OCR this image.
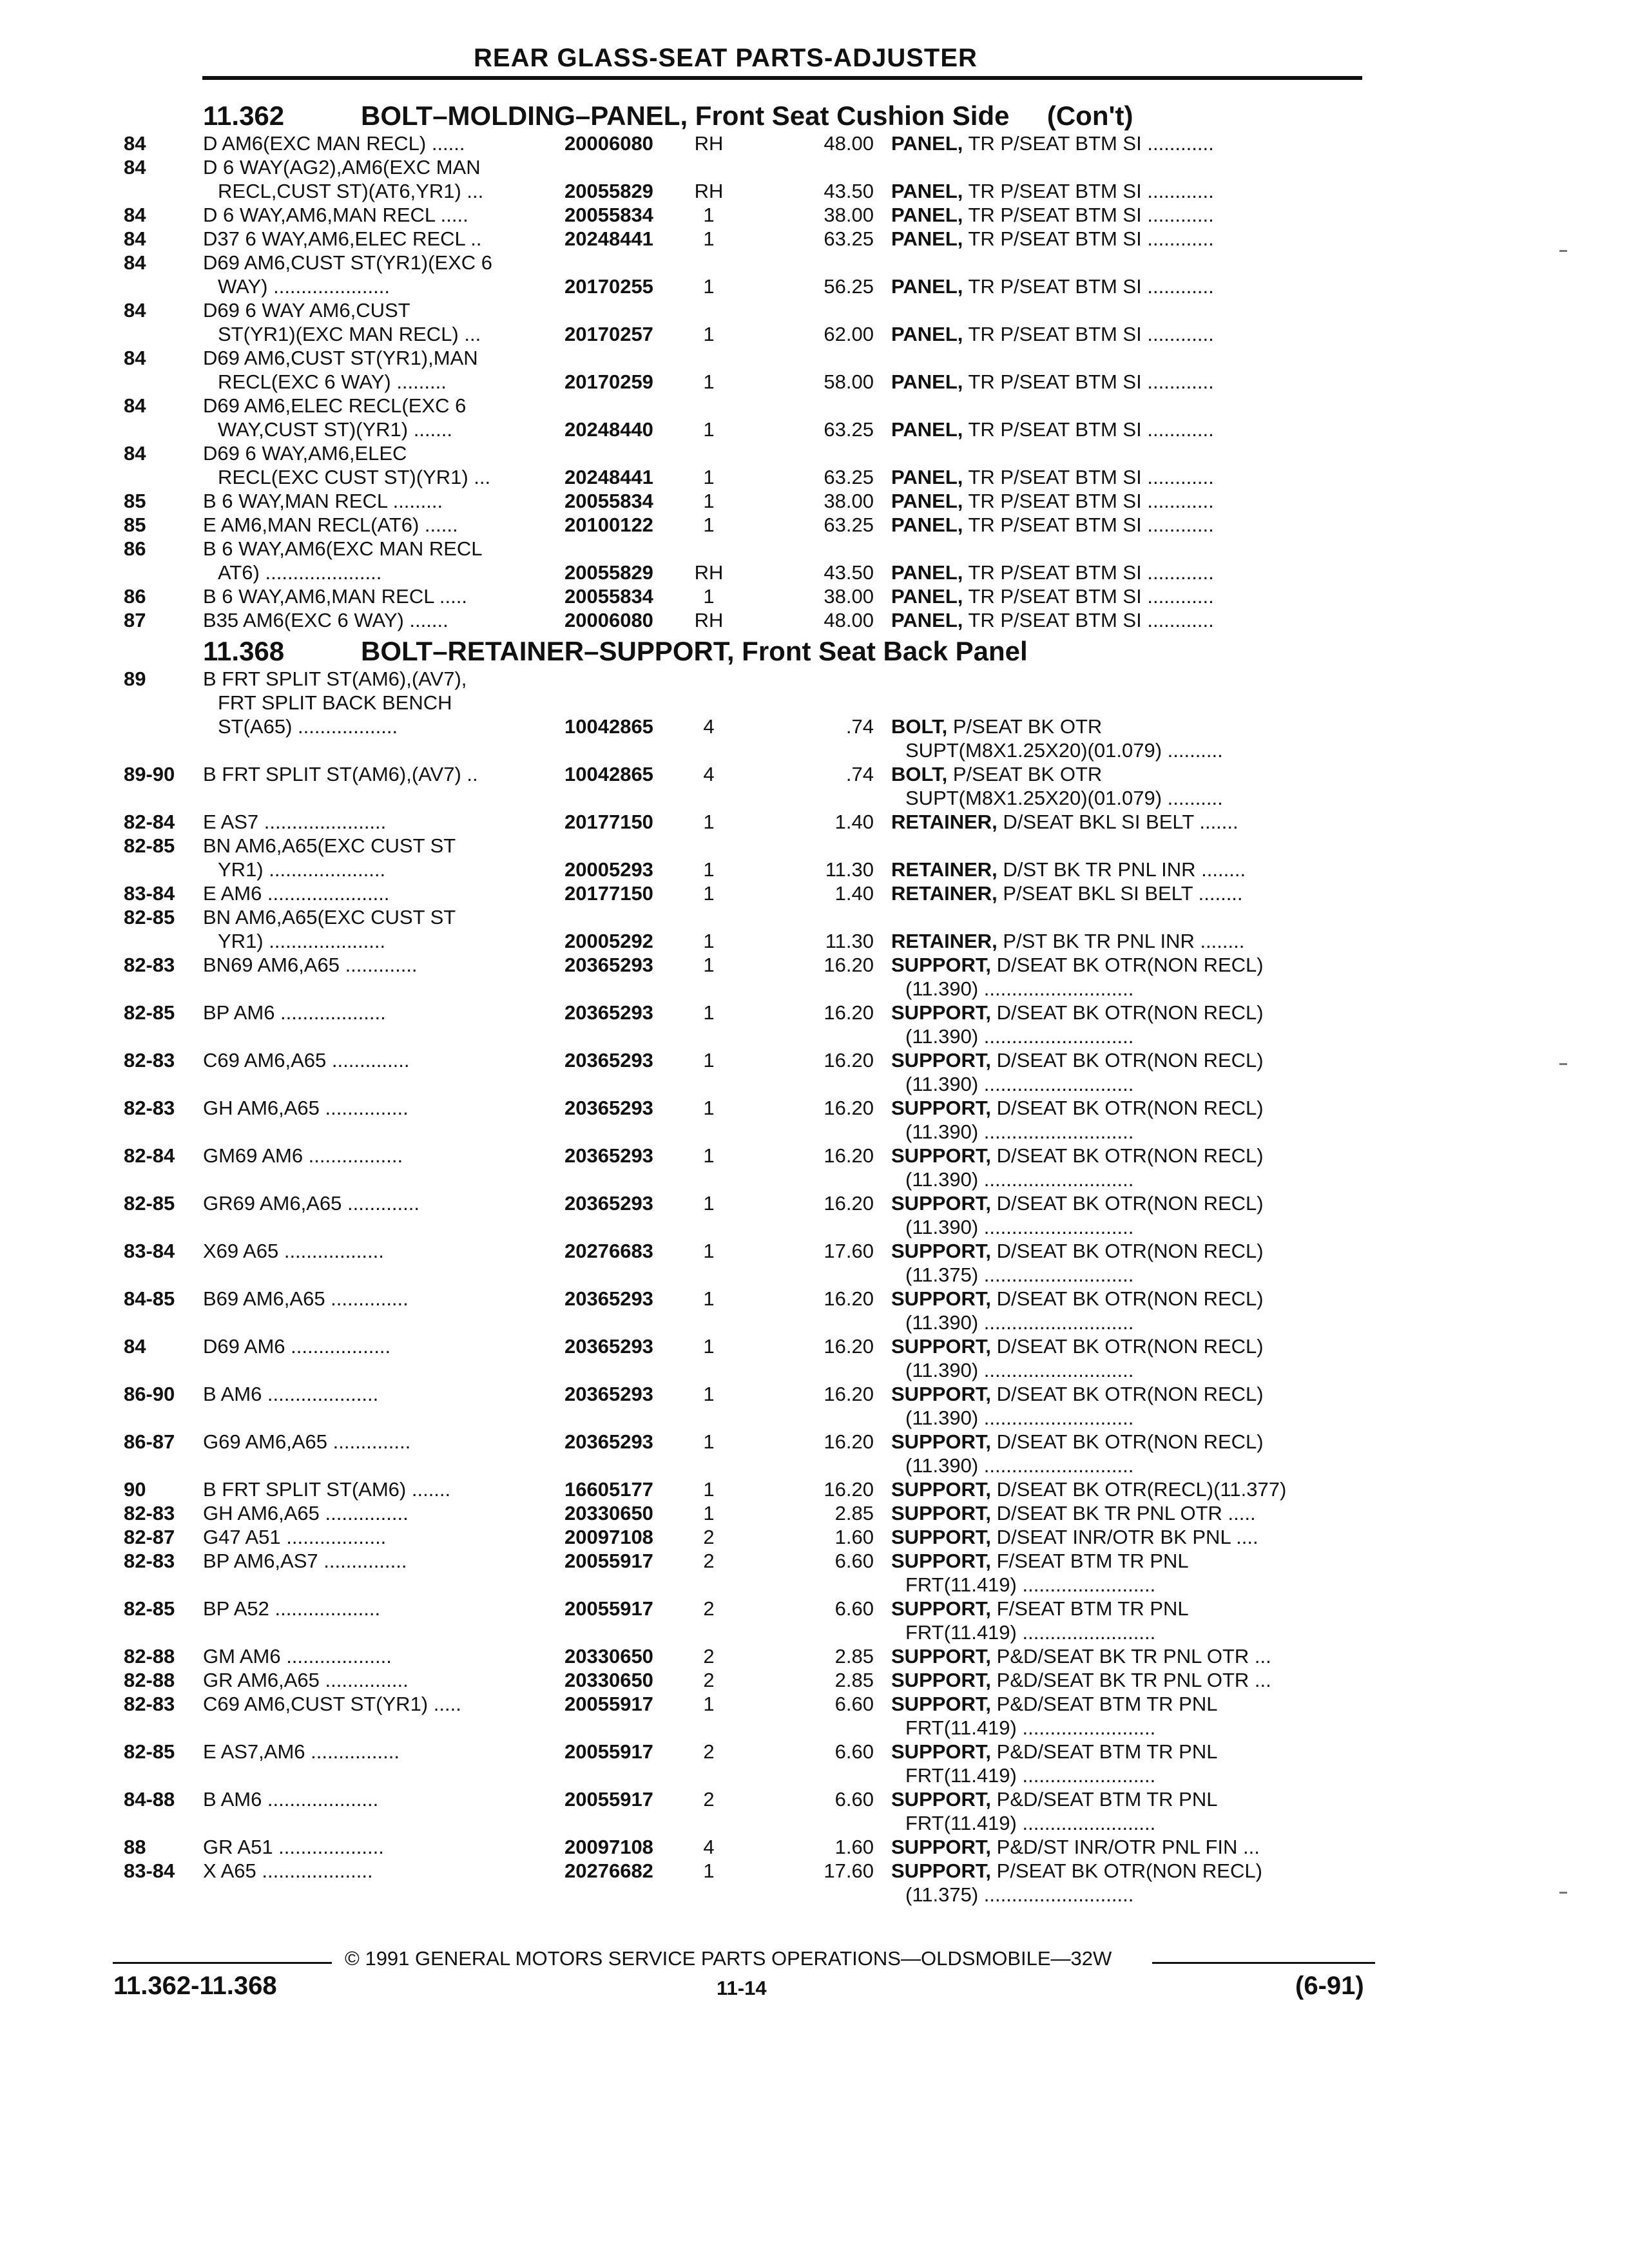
REAR GLASS-SEAT PARTS-ADJUSTER
11.362	BOLT–MOLDING–PANEL, Front Seat Cushion Side (Con't)
84	D AM6(EXC MAN RECL) ......	20006080 RH	48.00 PANEL, TR P/SEAT BTM SI ............
84	D 6 WAY(AG2),AM6(EXC MAN
RECL,CUST ST)(AT6,YR1) ...	20055829 RH	43.50 PANEL, TR P/SEAT BTM SI ............
84	D 6 WAY,AM6,MAN RECL .....	20055834	1	38.00 PANEL, TR P/SEAT BTM SI ............
84	D37 6 WAY,AM6,ELEC RECL ..	20248441	1	63.25 PANEL, TR P/SEAT BTM SI ............
84	D69 AM6,CUST ST(YR1)(EXC 6
WAY) .....................	20170255	1	56.25 PANEL, TR P/SEAT BTM SI ............
84	D69 6 WAY AM6,CUST
ST(YR1)(EXC MAN RECL) ...	20170257	1	62.00 PANEL, TR P/SEAT BTM SI ............
84	D69 AM6,CUST ST(YR1),MAN
RECL(EXC 6 WAY) .........	20170259	1	58.00 PANEL, TR P/SEAT BTM SI ............
84	D69 AM6,ELEC RECL(EXC 6
WAY,CUST ST)(YR1) .......	20248440	1	63.25 PANEL, TR P/SEAT BTM SI ............
84	D69 6 WAY,AM6,ELEC
RECL(EXC CUST ST)(YR1) ...	20248441	1	63.25 PANEL, TR P/SEAT BTM SI ............
85	B 6 WAY,MAN RECL .........	20055834	1	38.00 PANEL, TR P/SEAT BTM SI ............
85	E AM6,MAN RECL(AT6) ......	20100122	1	63.25 PANEL, TR P/SEAT BTM SI ............
86	B 6 WAY,AM6(EXC MAN RECL
AT6) .....................	20055829 RH	43.50 PANEL, TR P/SEAT BTM SI ............
86	B 6 WAY,AM6,MAN RECL .....	20055834	1	38.00 PANEL, TR P/SEAT BTM SI ............
87	B35 AM6(EXC 6 WAY) .......	20006080 RH	48.00 PANEL, TR P/SEAT BTM SI ............
11.368	BOLT–RETAINER–SUPPORT, Front Seat Back Panel
89	B FRT SPLIT ST(AM6),(AV7),
FRT SPLIT BACK BENCH
ST(A65) ..................	10042865	4	.74 BOLT, P/SEAT BK OTR
SUPT(M8X1.25X20)(01.079) ..........
89-90 B FRT SPLIT ST(AM6),(AV7) ..	10042865	4	.74 BOLT, P/SEAT BK OTR
SUPT(M8X1.25X20)(01.079) ..........
82-84 E AS7 ......................	20177150	1	1.40 RETAINER, D/SEAT BKL SI BELT .......
82-85 BN AM6,A65(EXC CUST ST
YR1) .....................	20005293	1	11.30 RETAINER, D/ST BK TR PNL INR ........
83-84 E AM6 ......................	20177150	1	1.40 RETAINER, P/SEAT BKL SI BELT ........
82-85 BN AM6,A65(EXC CUST ST
YR1) .....................	20005292	1	11.30 RETAINER, P/ST BK TR PNL INR ........
82-83 BN69 AM6,A65 .............	20365293	1	16.20 SUPPORT, D/SEAT BK OTR(NON RECL)
(11.390) ...........................
82-85 BP AM6 ...................	20365293	1	16.20 SUPPORT, D/SEAT BK OTR(NON RECL)
(11.390) ...........................
82-83 C69 AM6,A65 ..............	20365293	1	16.20 SUPPORT, D/SEAT BK OTR(NON RECL)
(11.390) ...........................
82-83 GH AM6,A65 ...............	20365293	1	16.20 SUPPORT, D/SEAT BK OTR(NON RECL)
(11.390) ...........................
82-84 GM69 AM6 .................	20365293	1	16.20 SUPPORT, D/SEAT BK OTR(NON RECL)
(11.390) ...........................
82-85 GR69 AM6,A65 .............	20365293	1	16.20 SUPPORT, D/SEAT BK OTR(NON RECL)
(11.390) ...........................
83-84 X69 A65 ..................	20276683	1	17.60 SUPPORT, D/SEAT BK OTR(NON RECL)
(11.375) ...........................
84-85 B69 AM6,A65 ..............	20365293	1	16.20 SUPPORT, D/SEAT BK OTR(NON RECL)
(11.390) ...........................
84	D69 AM6 ..................	20365293	1	16.20 SUPPORT, D/SEAT BK OTR(NON RECL)
(11.390) ...........................
86-90 B AM6 ....................	20365293	1	16.20 SUPPORT, D/SEAT BK OTR(NON RECL)
(11.390) ...........................
86-87 G69 AM6,A65 ..............	20365293	1	16.20 SUPPORT, D/SEAT BK OTR(NON RECL)
(11.390) ...........................
90	B FRT SPLIT ST(AM6) .......	16605177	1	16.20 SUPPORT, D/SEAT BK OTR(RECL)(11.377)
82-83 GH AM6,A65 ...............	20330650	1	2.85 SUPPORT, D/SEAT BK TR PNL OTR .....
82-87 G47 A51 ..................	20097108	2	1.60 SUPPORT, D/SEAT INR/OTR BK PNL ....
82-83 BP AM6,AS7 ...............	20055917	2	6.60 SUPPORT, F/SEAT BTM TR PNL
FRT(11.419) ........................
82-85 BP A52 ...................	20055917	2	6.60 SUPPORT, F/SEAT BTM TR PNL
FRT(11.419) ........................
82-88 GM AM6 ...................	20330650	2	2.85 SUPPORT, P&D/SEAT BK TR PNL OTR ...
82-88 GR AM6,A65 ...............	20330650	2	2.85 SUPPORT, P&D/SEAT BK TR PNL OTR ...
82-83 C69 AM6,CUST ST(YR1) .....	20055917	1	6.60 SUPPORT, P&D/SEAT BTM TR PNL
FRT(11.419) ........................
82-85 E AS7,AM6 ................	20055917	2	6.60 SUPPORT, P&D/SEAT BTM TR PNL
FRT(11.419) ........................
84-88 B AM6 ....................	20055917	2	6.60 SUPPORT, P&D/SEAT BTM TR PNL
FRT(11.419) ........................
88	GR A51 ...................	20097108	4	1.60 SUPPORT, P&D/ST INR/OTR PNL FIN ...
83-84 X A65 ....................	20276682	1	17.60 SUPPORT, P/SEAT BK OTR(NON RECL)
(11.375) ...........................
© 1991 GENERAL MOTORS SERVICE PARTS OPERATIONS—OLDSMOBILE—32W
11.362-11.368	11-14	(6-91)
